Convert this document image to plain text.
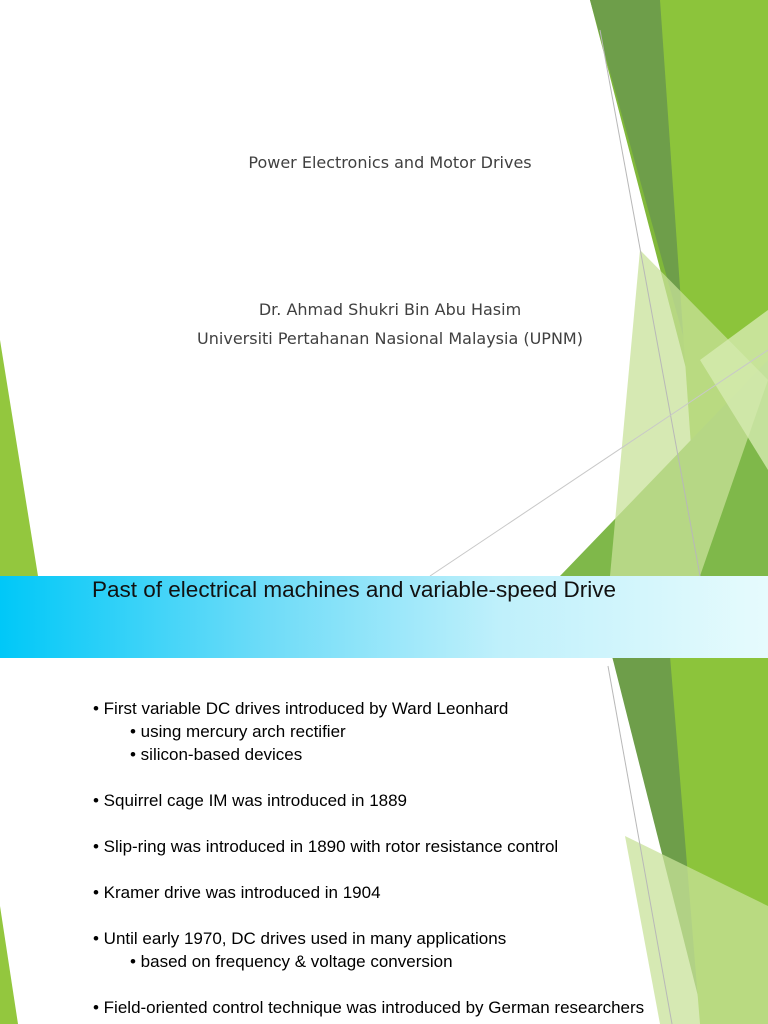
Power Electronics and Motor Drives
Dr. Ahmad Shukri Bin Abu Hasim
Universiti Pertahanan Nasional Malaysia (UPNM)
Past of electrical machines and variable-speed Drive
• First variable DC drives introduced by Ward Leonhard
• using mercury arch rectifier
• silicon-based devices
• Squirrel cage IM was introduced in 1889
• Slip-ring was introduced in 1890 with rotor resistance control
• Kramer drive was introduced in 1904
• Until early 1970, DC drives used in many applications
• based on frequency & voltage conversion
• Field-oriented control technique was introduced by German researchers
